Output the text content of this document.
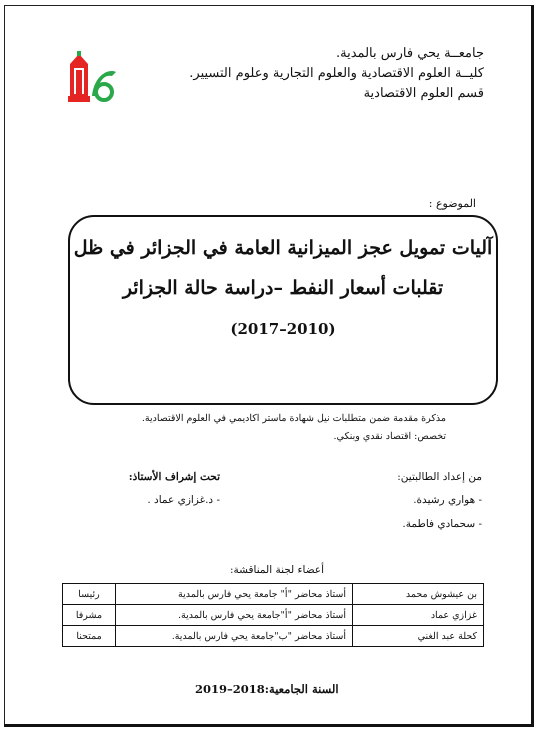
جامعــة يحي فارس بالمدية.
كليــة العلوم الاقتصادية والعلوم التجارية وعلوم التسيير.
قسم العلوم الاقتصادية
الموضوع :
آليات تمويل عجز الميزانية العامة في الجزائر في ظل
تقلبات أسعار النفط –دراسة حالة الجزائر
(2010–2017)
مذكرة مقدمة ضمن متطلبات نيل شهادة ماستر اكاديمي في العلوم الاقتصادية.
تخصص: اقتصاد نقدي وبنكي.
من إعداد الطالبتين:
- هواري رشيدة.
- سحمادي فاطمة.
تحت إشراف الأستاذ:
- د.غزازي عماد .
أعضاء لجنة المناقشة:
بن عيشوش محمد	أستاذ محاضر "أ" جامعة يحي فارس بالمدية	رئيسا
غزازي عماد	أستاذ محاضر "أ"جامعة يحي فارس بالمدية.	مشرفا
كحلة عبد الغني	أستاذ محاضر "ب"جامعة يحي فارس بالمدية.	ممتحنا
السنة الجامعية:2018–2019
